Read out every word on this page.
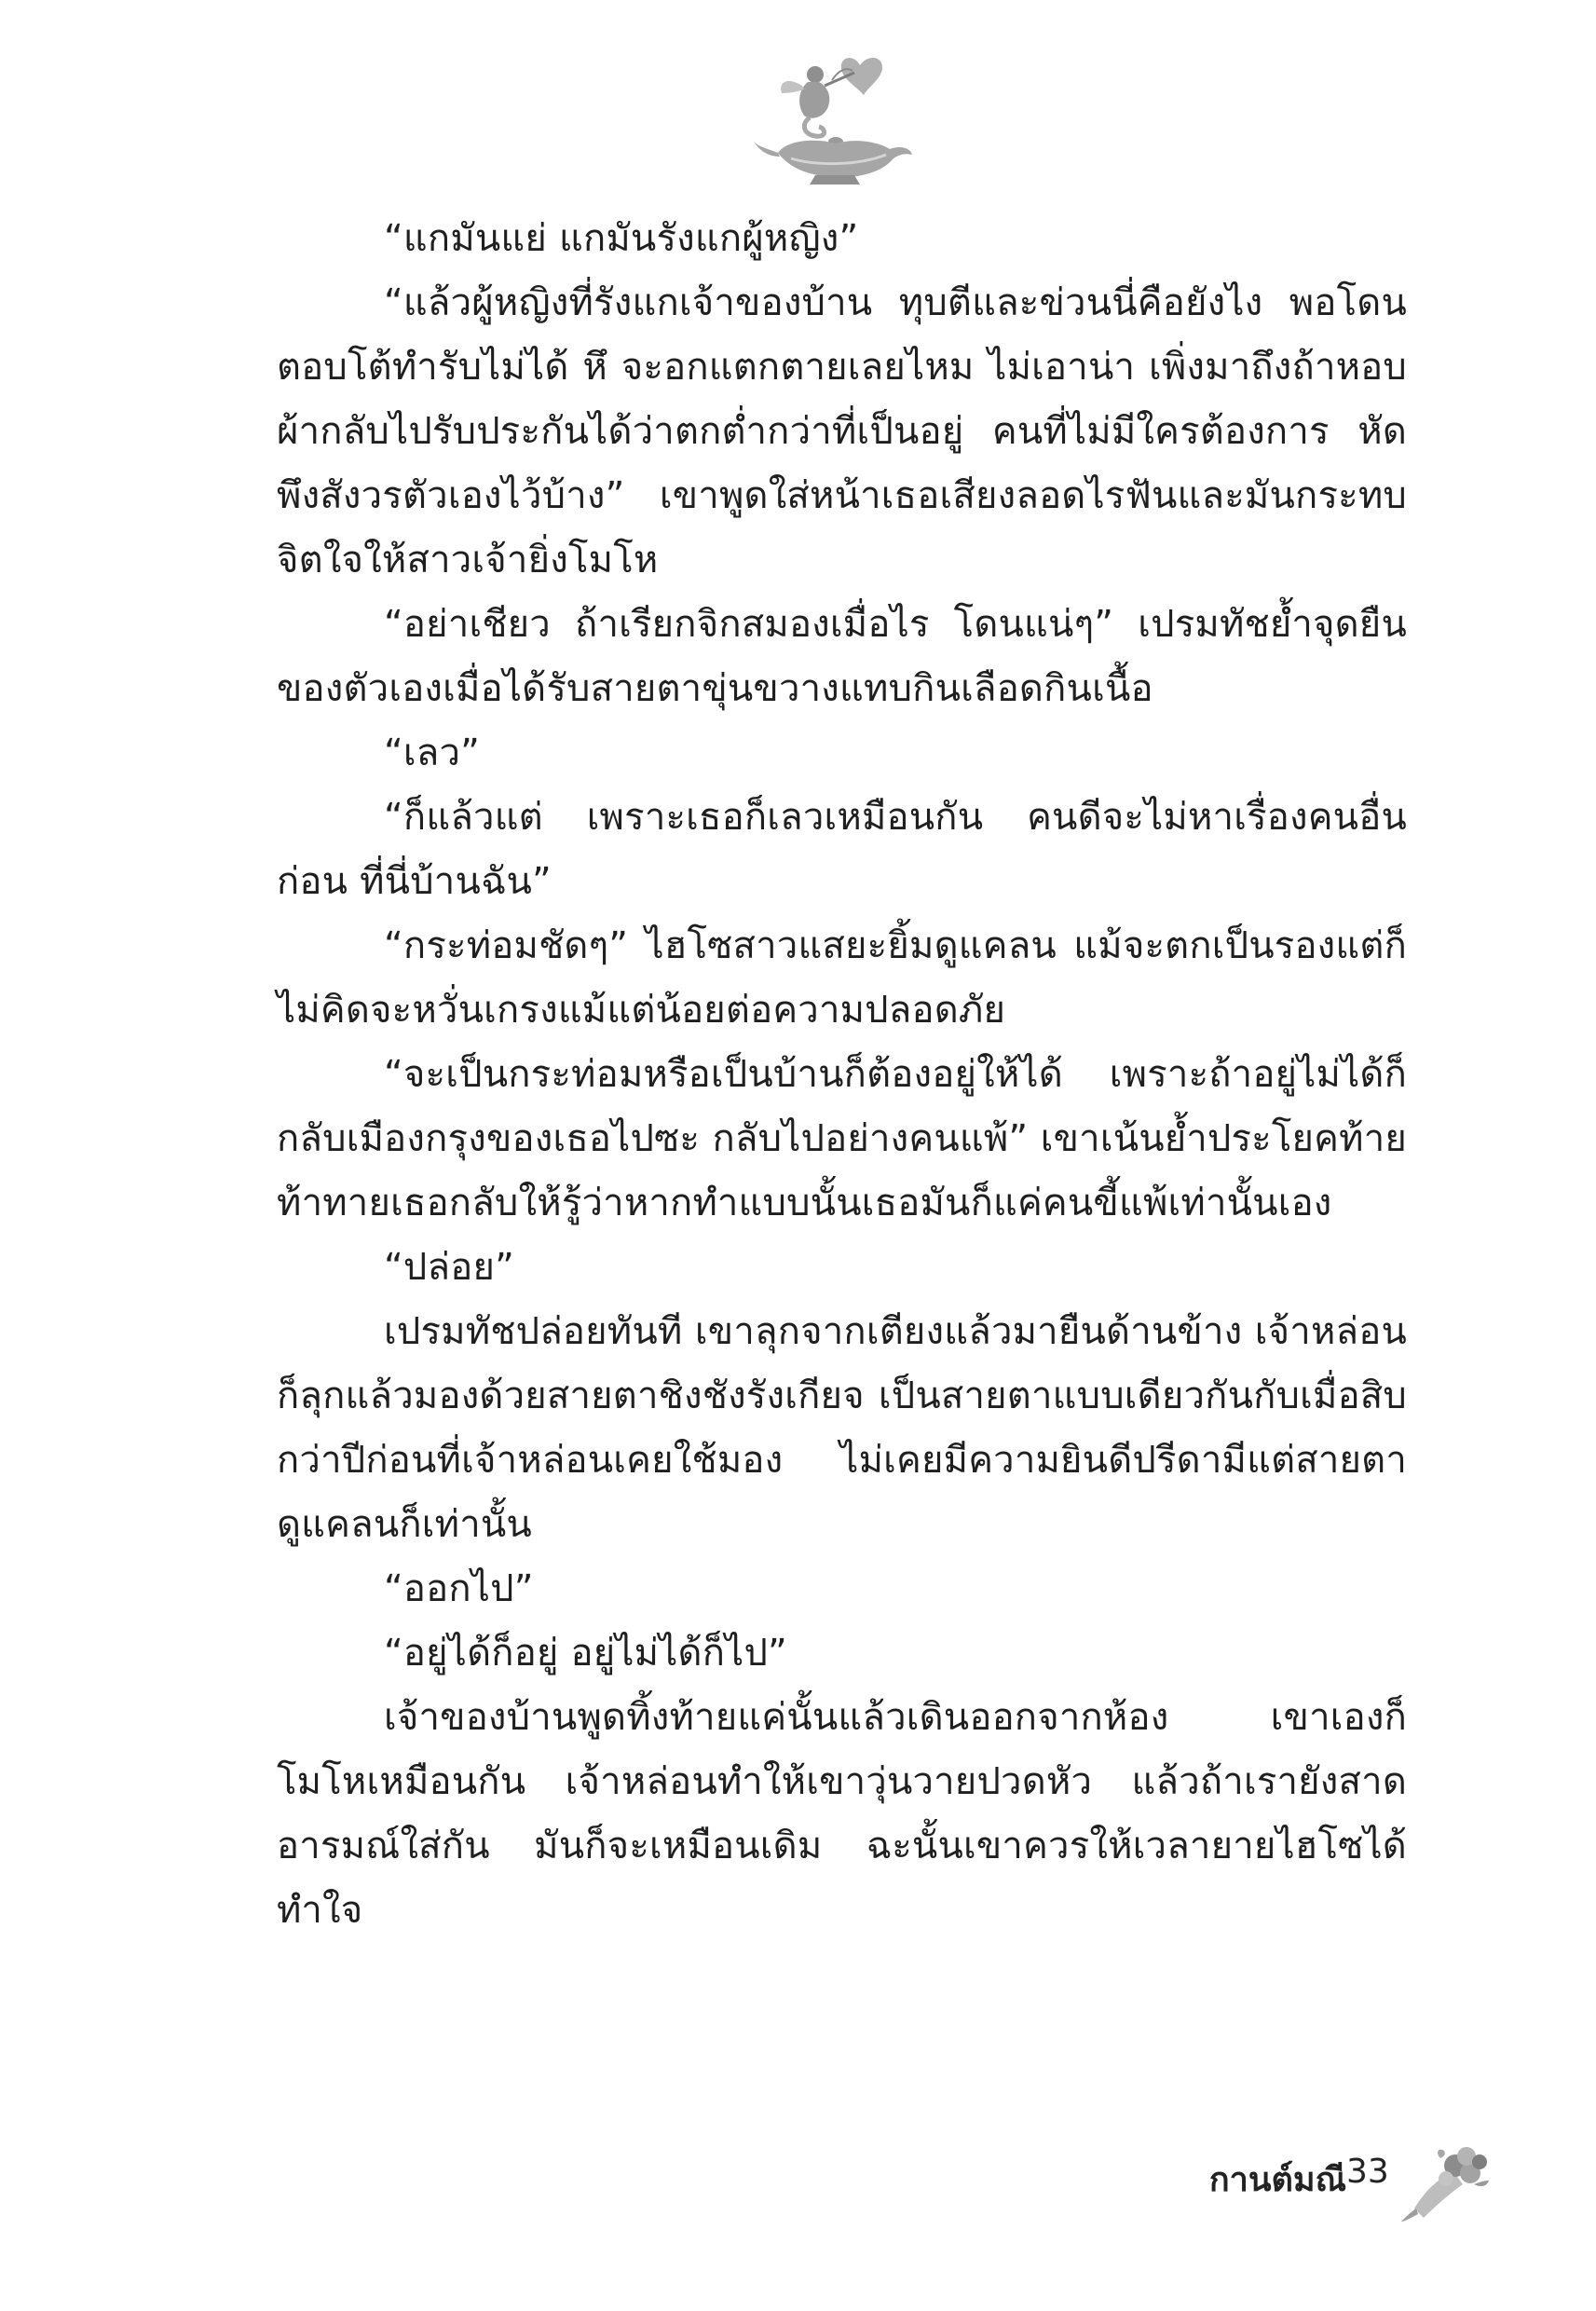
“แกมันแย่ แกมันรังแกผู้หญิง”

“แล้วผู้หญิงที่รังแกเจ้าของบ้าน ทุบตีและข่วนนี่คือยังไง พอโดนตอบโต้ทำรับไม่ได้ หึ จะอกแตกตายเลยไหม ไม่เอาน่า เพิ่งมาถึงถ้าหอบผ้ากลับไปรับประกันได้ว่าตกต่ำกว่าที่เป็นอยู่ คนที่ไม่มีใครต้องการ หัดพึงสังวรตัวเองไว้บ้าง” เขาพูดใส่หน้าเธอเสียงลอดไรฟันและมันกระทบจิตใจให้สาวเจ้ายิ่งโมโห

“อย่าเชียว ถ้าเรียกจิกสมองเมื่อไร โดนแน่ๆ” เปรมทัชย้ำจุดยืนของตัวเองเมื่อได้รับสายตาขุ่นขวางแทบกินเลือดกินเนื้อ

“เลว”

“ก็แล้วแต่ เพราะเธอก็เลวเหมือนกัน คนดีจะไม่หาเรื่องคนอื่นก่อน ที่นี่บ้านฉัน”

“กระท่อมชัดๆ” ไฮโซสาวแสยะยิ้มดูแคลน แม้จะตกเป็นรองแต่ก็ไม่คิดจะหวั่นเกรงแม้แต่น้อยต่อความปลอดภัย

“จะเป็นกระท่อมหรือเป็นบ้านก็ต้องอยู่ให้ได้ เพราะถ้าอยู่ไม่ได้ก็กลับเมืองกรุงของเธอไปซะ กลับไปอย่างคนแพ้” เขาเน้นย้ำประโยคท้ายท้าทายเธอกลับให้รู้ว่าหากทำแบบนั้นเธอมันก็แค่คนขี้แพ้เท่านั้นเอง

“ปล่อย”

เปรมทัชปล่อยทันที เขาลุกจากเตียงแล้วมายืนด้านข้าง เจ้าหล่อนก็ลุกแล้วมองด้วยสายตาชิงชังรังเกียจ เป็นสายตาแบบเดียวกันกับเมื่อสิบกว่าปีก่อนที่เจ้าหล่อนเคยใช้มอง ไม่เคยมีความยินดีปรีดามีแต่สายตาดูแคลนก็เท่านั้น

“ออกไป”

“อยู่ได้ก็อยู่ อยู่ไม่ได้ก็ไป”

เจ้าของบ้านพูดทิ้งท้ายแค่นั้นแล้วเดินออกจากห้อง เขาเองก็โมโหเหมือนกัน เจ้าหล่อนทำให้เขาวุ่นวายปวดหัว แล้วถ้าเรายังสาดอารมณ์ใส่กัน มันก็จะเหมือนเดิม ฉะนั้นเขาควรให้เวลายายไฮโซได้ทำใจ

กานต์มณี 33
